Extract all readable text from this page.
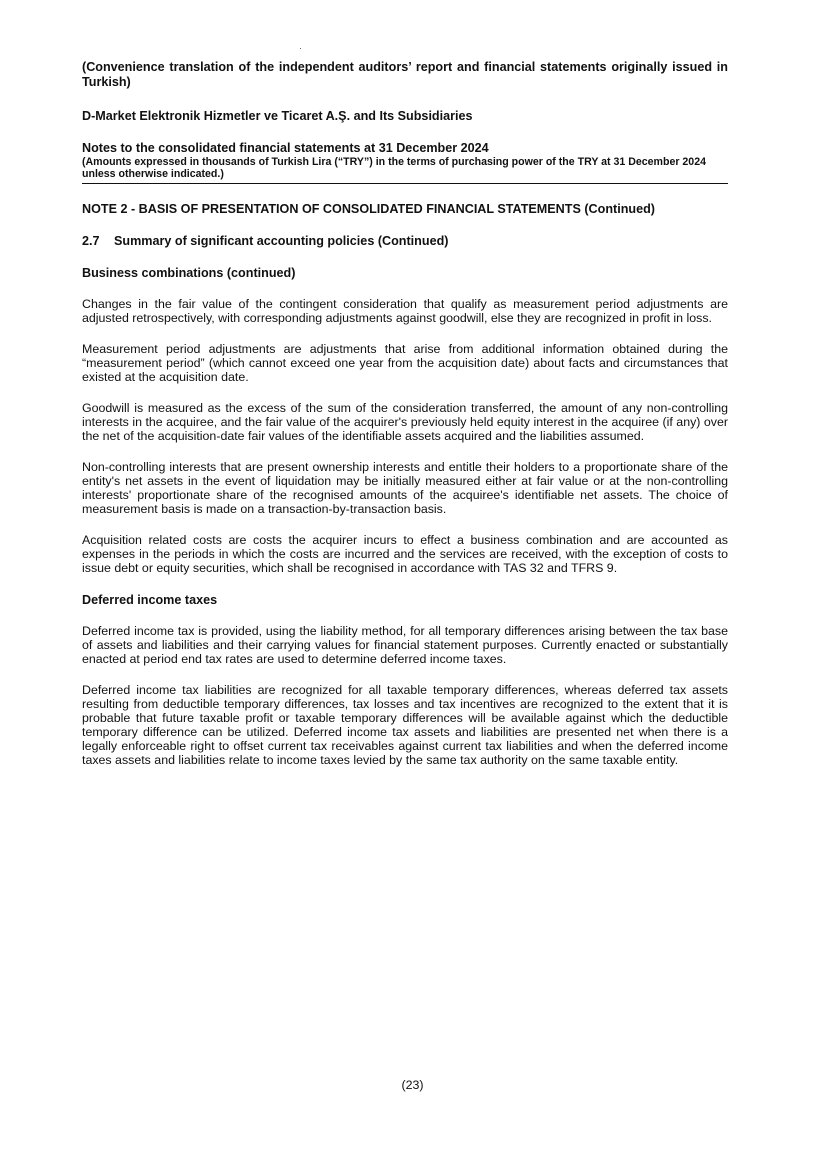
(Convenience translation of the independent auditors’ report and financial statements originally issued in Turkish)
D-Market Elektronik Hizmetler ve Ticaret A.Ş. and Its Subsidiaries
Notes to the consolidated financial statements at 31 December 2024
(Amounts expressed in thousands of Turkish Lira (“TRY”) in the terms of purchasing power of the TRY at 31 December 2024 unless otherwise indicated.)
NOTE 2 - BASIS OF PRESENTATION OF CONSOLIDATED FINANCIAL STATEMENTS (Continued)
2.7 Summary of significant accounting policies (Continued)
Business combinations (continued)
Changes in the fair value of the contingent consideration that qualify as measurement period adjustments are adjusted retrospectively, with corresponding adjustments against goodwill, else they are recognized in profit in loss.
Measurement period adjustments are adjustments that arise from additional information obtained during the “measurement period” (which cannot exceed one year from the acquisition date) about facts and circumstances that existed at the acquisition date.
Goodwill is measured as the excess of the sum of the consideration transferred, the amount of any non-controlling interests in the acquiree, and the fair value of the acquirer's previously held equity interest in the acquiree (if any) over the net of the acquisition-date fair values of the identifiable assets acquired and the liabilities assumed.
Non-controlling interests that are present ownership interests and entitle their holders to a proportionate share of the entity's net assets in the event of liquidation may be initially measured either at fair value or at the non-controlling interests' proportionate share of the recognised amounts of the acquiree's identifiable net assets. The choice of measurement basis is made on a transaction-by-transaction basis.
Acquisition related costs are costs the acquirer incurs to effect a business combination and are accounted as expenses in the periods in which the costs are incurred and the services are received, with the exception of costs to issue debt or equity securities, which shall be recognised in accordance with TAS 32 and TFRS 9.
Deferred income taxes
Deferred income tax is provided, using the liability method, for all temporary differences arising between the tax base of assets and liabilities and their carrying values for financial statement purposes. Currently enacted or substantially enacted at period end tax rates are used to determine deferred income taxes.
Deferred income tax liabilities are recognized for all taxable temporary differences, whereas deferred tax assets resulting from deductible temporary differences, tax losses and tax incentives are recognized to the extent that it is probable that future taxable profit or taxable temporary differences will be available against which the deductible temporary difference can be utilized. Deferred income tax assets and liabilities are presented net when there is a legally enforceable right to offset current tax receivables against current tax liabilities and when the deferred income taxes assets and liabilities relate to income taxes levied by the same tax authority on the same taxable entity.
(23)
